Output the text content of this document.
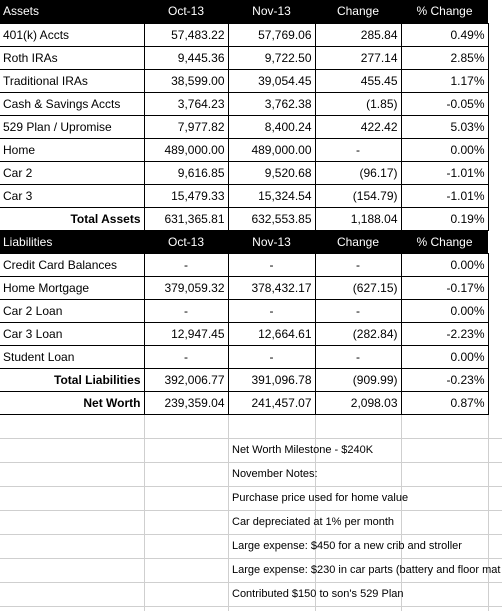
Assets	Oct-13	Nov-13	Change	% Change
401(k) Accts	57,483.22	57,769.06	285.84	0.49%
Roth IRAs	9,445.36	9,722.50	277.14	2.85%
Traditional IRAs	38,599.00	39,054.45	455.45	1.17%
Cash & Savings Accts	3,764.23	3,762.38	(1.85)	-0.05%
529 Plan / Upromise	7,977.82	8,400.24	422.42	5.03%
Home	489,000.00	489,000.00	-	0.00%
Car 2	9,616.85	9,520.68	(96.17)	-1.01%
Car 3	15,479.33	15,324.54	(154.79)	-1.01%
Total Assets	631,365.81	632,553.85	1,188.04	0.19%
Liabilities	Oct-13	Nov-13	Change	% Change
Credit Card Balances	-	-	-	0.00%
Home Mortgage	379,059.32	378,432.17	(627.15)	-0.17%
Car 2 Loan	-	-	-	0.00%
Car 3 Loan	12,947.45	12,664.61	(282.84)	-2.23%
Student Loan	-	-	-	0.00%
Total Liabilities	392,006.77	391,096.78	(909.99)	-0.23%
Net Worth	239,359.04	241,457.07	2,098.03	0.87%
Net Worth Milestone - $240K
November Notes:
Purchase price used for home value
Car depreciated at 1% per month
Large expense: $450 for a new crib and stroller
Large expense: $230 in car parts (battery and floor mat
Contributed $150 to son's 529 Plan
